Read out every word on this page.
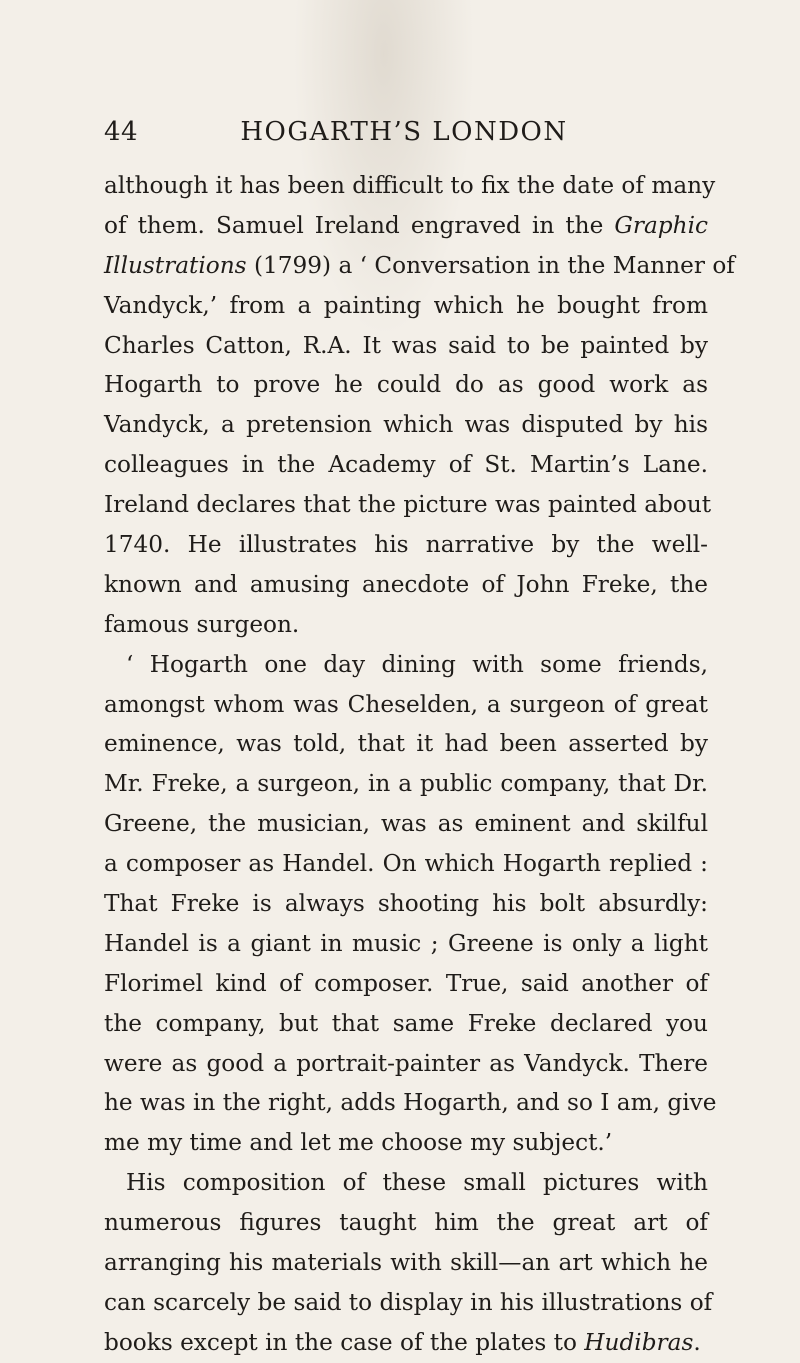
44	HOGARTH’S LONDON
although it has been difficult to fix the date of many
of them. Samuel Ireland engraved in the Graphic
Illustrations (1799) a ‘ Conversation in the Manner of
Vandyck,’ from a painting which he bought from
Charles Catton, R.A. It was said to be painted by
Hogarth to prove he could do as good work as
Vandyck, a pretension which was disputed by his
colleagues in the Academy of St. Martin’s Lane.
Ireland declares that the picture was painted about
1740. He illustrates his narrative by the well-
known and amusing anecdote of John Freke, the
famous surgeon.
‘ Hogarth one day dining with some friends,
amongst whom was Cheselden, a surgeon of great
eminence, was told, that it had been asserted by
Mr. Freke, a surgeon, in a public company, that Dr.
Greene, the musician, was as eminent and skilful
a composer as Handel. On which Hogarth replied :
That Freke is always shooting his bolt absurdly:
Handel is a giant in music ; Greene is only a light
Florimel kind of composer. True, said another of
the company, but that same Freke declared you
were as good a portrait-painter as Vandyck. There
he was in the right, adds Hogarth, and so I am, give
me my time and let me choose my subject.’
His composition of these small pictures with
numerous figures taught him the great art of
arranging his materials with skill—an art which he
can scarcely be said to display in his illustrations of
books except in the case of the plates to Hudibras.
